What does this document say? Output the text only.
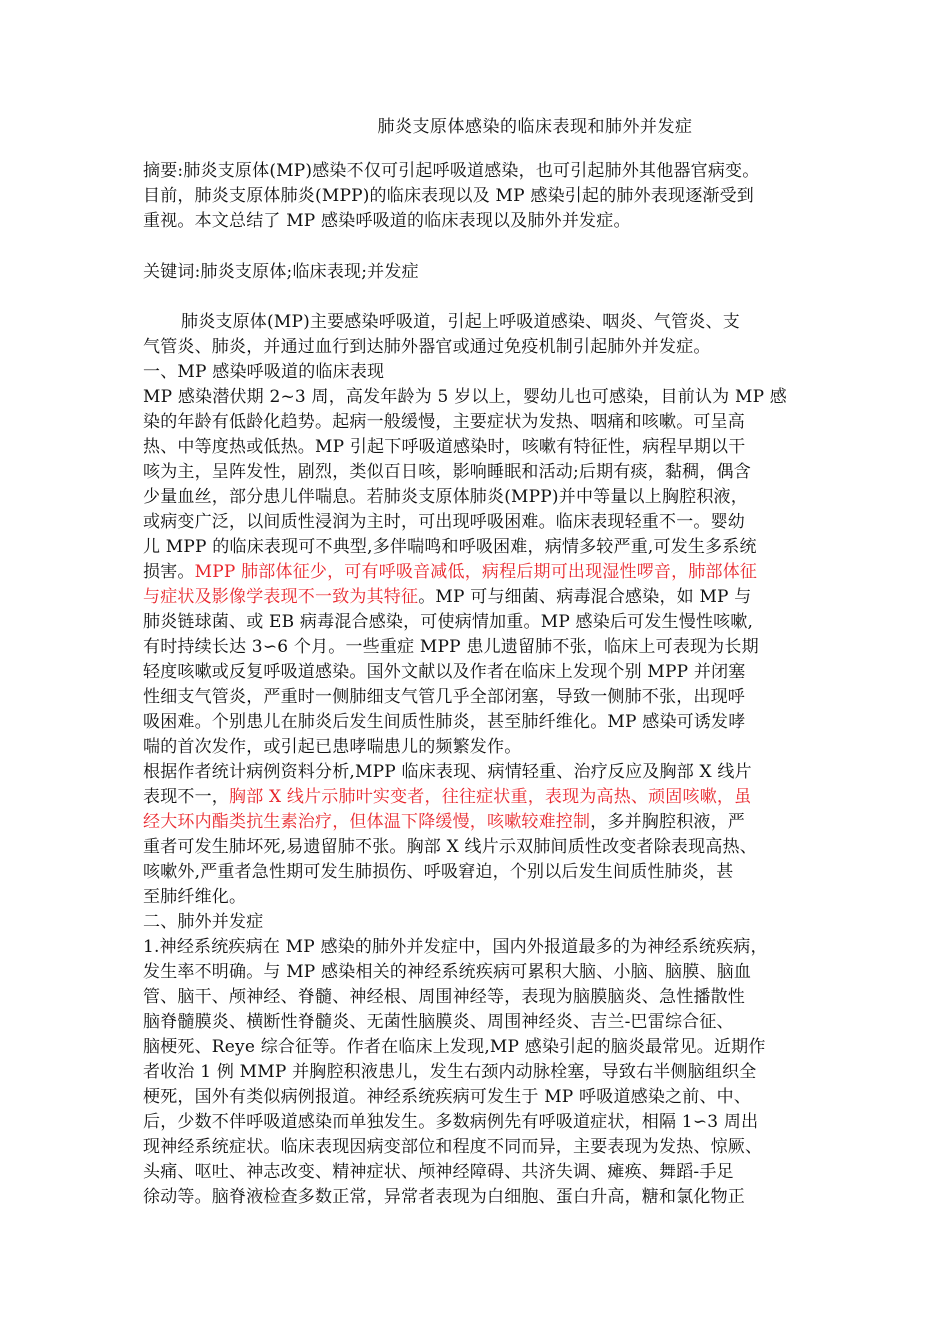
肺炎支原体感染的临床表现和肺外并发症
摘要:肺炎支原体(MP)感染不仅可引起呼吸道感染，也可引起肺外其他器官病变。
目前，肺炎支原体肺炎(MPP)的临床表现以及 MP 感染引起的肺外表现逐渐受到
重视。本文总结了 MP 感染呼吸道的临床表现以及肺外并发症。
关键词:肺炎支原体;临床表现;并发症
肺炎支原体(MP)主要感染呼吸道，引起上呼吸道感染、咽炎、气管炎、支
气管炎、肺炎，并通过血行到达肺外器官或通过免疫机制引起肺外并发症。
一、MP 感染呼吸道的临床表现
MP 感染潜伏期 2~3 周，高发年龄为 5 岁以上，婴幼儿也可感染，目前认为 MP 感
染的年龄有低龄化趋势。起病一般缓慢，主要症状为发热、咽痛和咳嗽。可呈高
热、中等度热或低热。MP 引起下呼吸道感染时，咳嗽有特征性，病程早期以干
咳为主，呈阵发性，剧烈，类似百日咳，影响睡眠和活动;后期有痰，黏稠，偶含
少量血丝，部分患儿伴喘息。若肺炎支原体肺炎(MPP)并中等量以上胸腔积液，
或病变广泛，以间质性浸润为主时，可出现呼吸困难。临床表现轻重不一。婴幼
儿 MPP 的临床表现可不典型,多伴喘鸣和呼吸困难，病情多较严重,可发生多系统
损害。MPP 肺部体征少，可有呼吸音减低，病程后期可出现湿性啰音，肺部体征
与症状及影像学表现不一致为其特征。MP 可与细菌、病毒混合感染，如 MP 与
肺炎链球菌、或 EB 病毒混合感染，可使病情加重。MP 感染后可发生慢性咳嗽,
有时持续长达 3∽6 个月。一些重症 MPP 患儿遗留肺不张，临床上可表现为长期
轻度咳嗽或反复呼吸道感染。国外文献以及作者在临床上发现个别 MPP 并闭塞
性细支气管炎，严重时一侧肺细支气管几乎全部闭塞，导致一侧肺不张，出现呼
吸困难。个别患儿在肺炎后发生间质性肺炎，甚至肺纤维化。MP 感染可诱发哮
喘的首次发作，或引起已患哮喘患儿的频繁发作。
根据作者统计病例资料分析,MPP 临床表现、病情轻重、治疗反应及胸部 X 线片
表现不一，胸部 X 线片示肺叶实变者，往往症状重，表现为高热、顽固咳嗽，虽
经大环内酯类抗生素治疗，但体温下降缓慢，咳嗽较难控制，多并胸腔积液，严
重者可发生肺坏死,易遗留肺不张。胸部 X 线片示双肺间质性改变者除表现高热、
咳嗽外,严重者急性期可发生肺损伤、呼吸窘迫，个别以后发生间质性肺炎，甚
至肺纤维化。
二、肺外并发症
1.神经系统疾病在 MP 感染的肺外并发症中，国内外报道最多的为神经系统疾病，
发生率不明确。与 MP 感染相关的神经系统疾病可累积大脑、小脑、脑膜、脑血
管、脑干、颅神经、脊髓、神经根、周围神经等，表现为脑膜脑炎、急性播散性
脑脊髓膜炎、横断性脊髓炎、无菌性脑膜炎、周围神经炎、吉兰-巴雷综合征、
脑梗死、Reye 综合征等。作者在临床上发现,MP 感染引起的脑炎最常见。近期作
者收治 1 例 MMP 并胸腔积液患儿，发生右颈内动脉栓塞，导致右半侧脑组织全
梗死，国外有类似病例报道。神经系统疾病可发生于 MP 呼吸道感染之前、中、
后，少数不伴呼吸道感染而单独发生。多数病例先有呼吸道症状，相隔 1∽3 周出
现神经系统症状。临床表现因病变部位和程度不同而异，主要表现为发热、惊厥、
头痛、呕吐、神志改变、精神症状、颅神经障碍、共济失调、瘫痪、舞蹈-手足
徐动等。脑脊液检查多数正常，异常者表现为白细胞、蛋白升高，糖和氯化物正
